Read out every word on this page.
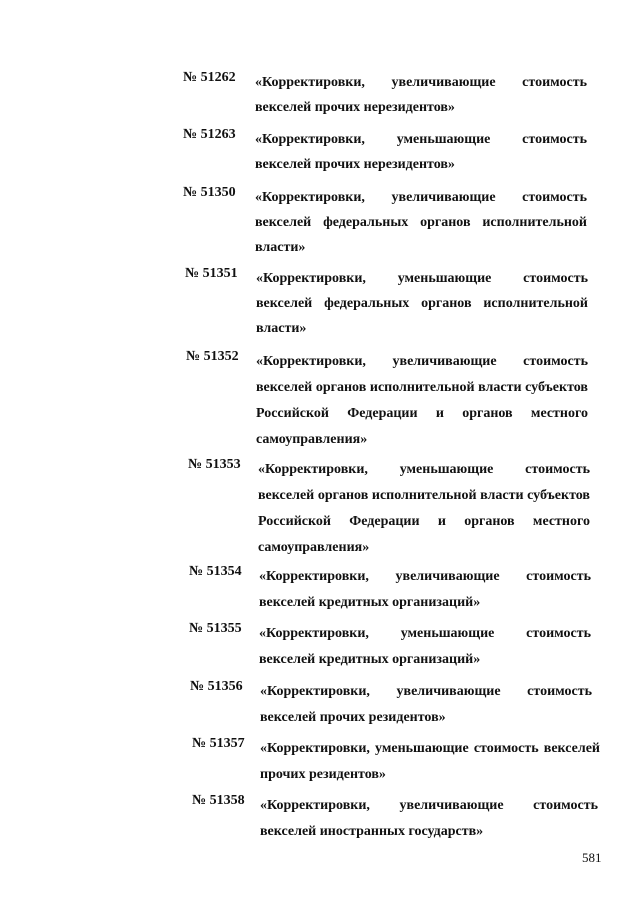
№ 51262 «Корректировки, увеличивающие стоимость векселей прочих нерезидентов»
№ 51263 «Корректировки, уменьшающие стоимость векселей прочих нерезидентов»
№ 51350 «Корректировки, увеличивающие стоимость векселей федеральных органов исполнительной власти»
№ 51351 «Корректировки, уменьшающие стоимость векселей федеральных органов исполнительной власти»
№ 51352 «Корректировки, увеличивающие стоимость векселей органов исполнительной власти субъектов Российской Федерации и органов местного самоуправления»
№ 51353 «Корректировки, уменьшающие стоимость векселей органов исполнительной власти субъектов Российской Федерации и органов местного самоуправления»
№ 51354 «Корректировки, увеличивающие стоимость векселей кредитных организаций»
№ 51355 «Корректировки, уменьшающие стоимость векселей кредитных организаций»
№ 51356 «Корректировки, увеличивающие стоимость векселей прочих резидентов»
№ 51357 «Корректировки, уменьшающие стоимость векселей прочих резидентов»
№ 51358 «Корректировки, увеличивающие стоимость векселей иностранных государств»
581
